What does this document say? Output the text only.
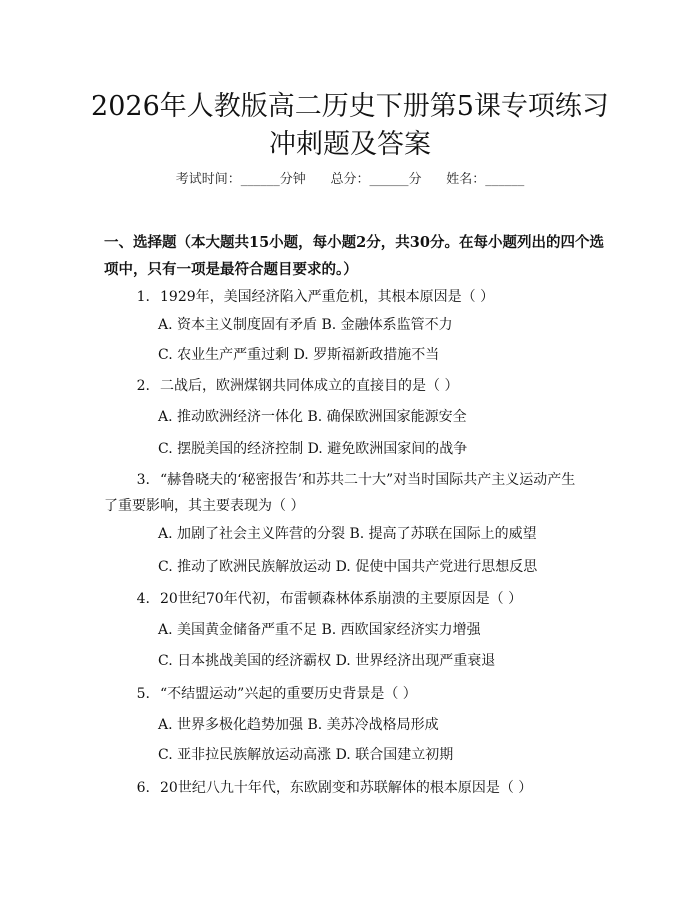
2026年人教版高二历史下册第5课专项练习
冲刺题及答案
考试时间：______分钟      总分：______分      姓名：______
一、选择题（本大题共15小题，每小题2分，共30分。在每小题列出的四个选项中，只有一项是最符合题目要求的。）
1. 1929年，美国经济陷入严重危机，其根本原因是（ ）
A. 资本主义制度固有矛盾 B. 金融体系监管不力
C. 农业生产严重过剩 D. 罗斯福新政措施不当
2. 二战后，欧洲煤钢共同体成立的直接目的是（ ）
A. 推动欧洲经济一体化 B. 确保欧洲国家能源安全
C. 摆脱美国的经济控制 D. 避免欧洲国家间的战争
3. “赫鲁晓夫的‘秘密报告’和苏共二十大”对当时国际共产主义运动产生
了重要影响，其主要表现为（ ）
A. 加剧了社会主义阵营的分裂 B. 提高了苏联在国际上的威望
C. 推动了欧洲民族解放运动 D. 促使中国共产党进行思想反思
4. 20世纪70年代初，布雷顿森林体系崩溃的主要原因是（ ）
A. 美国黄金储备严重不足 B. 西欧国家经济实力增强
C. 日本挑战美国的经济霸权 D. 世界经济出现严重衰退
5. “不结盟运动”兴起的重要历史背景是（ ）
A. 世界多极化趋势加强 B. 美苏冷战格局形成
C. 亚非拉民族解放运动高涨 D. 联合国建立初期
6. 20世纪八九十年代，东欧剧变和苏联解体的根本原因是（ ）
